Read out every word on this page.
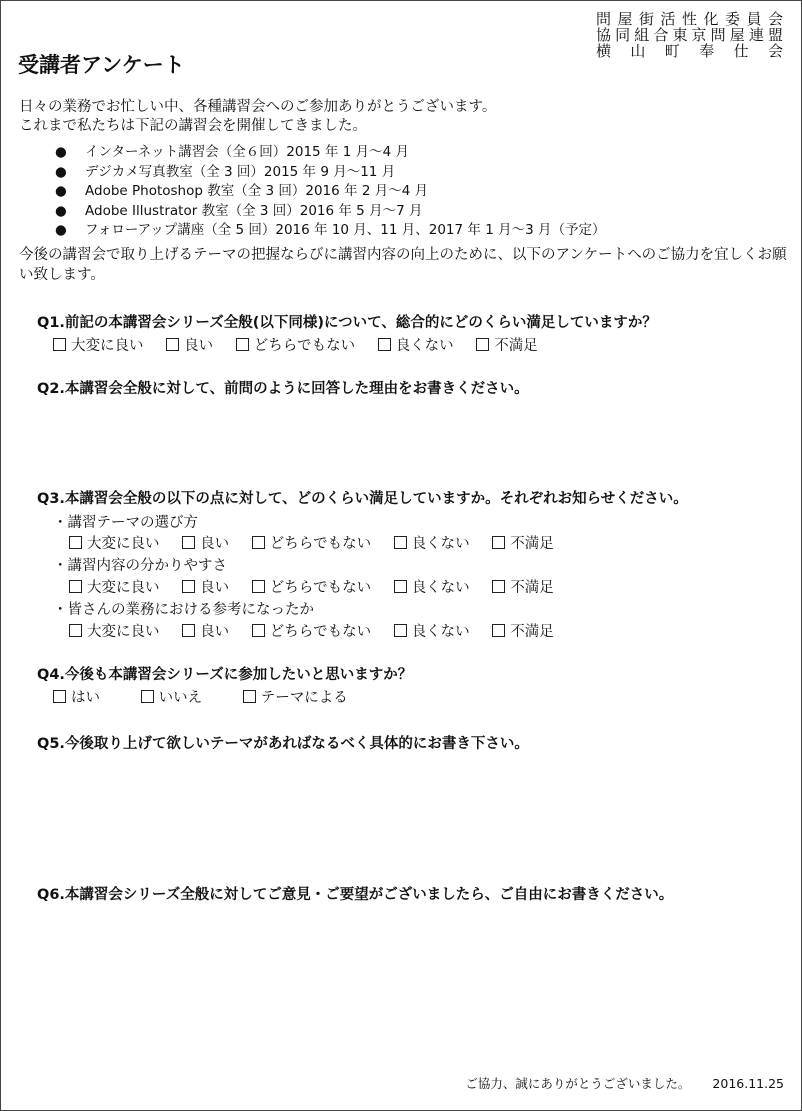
問屋街活性化委員会
協同組合東京問屋連盟
横山町奉仕会
受講者アンケート
日々の業務でお忙しい中、各種講習会へのご参加ありがとうございます。
これまで私たちは下記の講習会を開催してきました。
●	インターネット講習会（全６回）2015 年 1 月～4 月
●	デジカメ写真教室（全 3 回）2015 年 9 月～11 月
●	Adobe Photoshop 教室（全 3 回）2016 年 2 月～4 月
●	Adobe Illustrator 教室（全 3 回）2016 年 5 月～7 月
●	フォローアップ講座（全 5 回）2016 年 10 月、11 月、2017 年 1 月～3 月（予定）
今後の講習会で取り上げるテーマの把握ならびに講習内容の向上のために、以下のアンケートへのご協力を宜しくお願い致します。
Q1.前記の本講習会シリーズ全般(以下同様)について、総合的にどのくらい満足していますか？
大変に良い	良い	どちらでもない	良くない	不満足
Q2.本講習会全般に対して、前問のように回答した理由をお書きください。
Q3.本講習会全般の以下の点に対して、どのくらい満足していますか。それぞれお知らせください。
・講習テーマの選び方
大変に良い	良い	どちらでもない	良くない	不満足
・講習内容の分かりやすさ
大変に良い	良い	どちらでもない	良くない	不満足
・皆さんの業務における参考になったか
大変に良い	良い	どちらでもない	良くない	不満足
Q4.今後も本講習会シリーズに参加したいと思いますか？
はい	いいえ	テーマによる
Q5.今後取り上げて欲しいテーマがあればなるべく具体的にお書き下さい。
Q6.本講習会シリーズ全般に対してご意見・ご要望がございましたら、ご自由にお書きください。
ご協力、誠にありがとうございました。 2016.11.25
